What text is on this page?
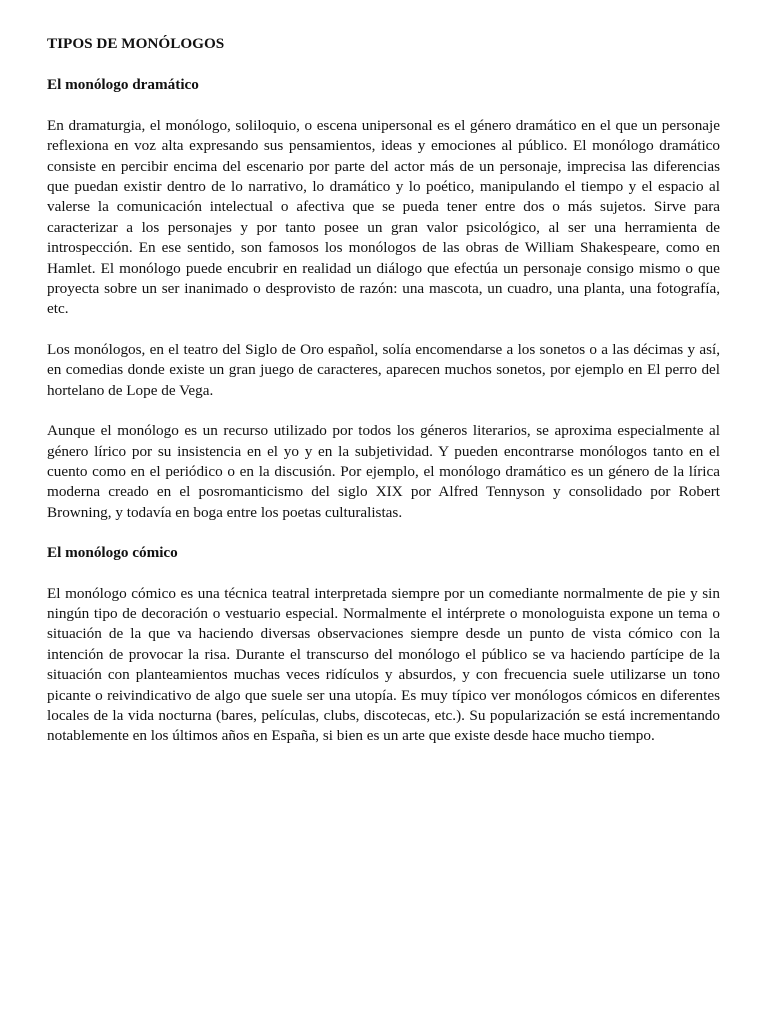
TIPOS DE MONÓLOGOS
El monólogo dramático

En dramaturgia, el monólogo, soliloquio, o escena unipersonal es el género dramático en el que un personaje reflexiona en voz alta expresando sus pensamientos, ideas y emociones al público. El monólogo dramático consiste en percibir encima del escenario por parte del actor más de un personaje, imprecisa las diferencias que puedan existir dentro de lo narrativo, lo dramático y lo poético, manipulando el tiempo y el espacio al valerse la comunicación intelectual o afectiva que se pueda tener entre dos o más sujetos. Sirve para caracterizar a los personajes y por tanto posee un gran valor psicológico, al ser una herramienta de introspección. En ese sentido, son famosos los monólogos de las obras de William Shakespeare, como en Hamlet. El monólogo puede encubrir en realidad un diálogo que efectúa un personaje consigo mismo o que proyecta sobre un ser inanimado o desprovisto de razón: una mascota, un cuadro, una planta, una fotografía, etc.

Los monólogos, en el teatro del Siglo de Oro español, solía encomendarse a los sonetos o a las décimas y así, en comedias donde existe un gran juego de caracteres, aparecen muchos sonetos, por ejemplo en El perro del hortelano de Lope de Vega.

Aunque el monólogo es un recurso utilizado por todos los géneros literarios, se aproxima especialmente al género lírico por su insistencia en el yo y en la subjetividad. Y pueden encontrarse monólogos tanto en el cuento como en el periódico o en la discusión. Por ejemplo, el monólogo dramático es un género de la lírica moderna creado en el posromanticismo del siglo XIX por Alfred Tennyson y consolidado por Robert Browning, y todavía en boga entre los poetas culturalistas.

El monólogo cómico

El monólogo cómico es una técnica teatral interpretada siempre por un comediante normalmente de pie y sin ningún tipo de decoración o vestuario especial. Normalmente el intérprete o monologuista expone un tema o situación de la que va haciendo diversas observaciones siempre desde un punto de vista cómico con la intención de provocar la risa. Durante el transcurso del monólogo el público se va haciendo partícipe de la situación con planteamientos muchas veces ridículos y absurdos, y con frecuencia suele utilizarse un tono picante o reivindicativo de algo que suele ser una utopía. Es muy típico ver monólogos cómicos en diferentes locales de la vida nocturna (bares, películas, clubs, discotecas, etc.). Su popularización se está incrementando notablemente en los últimos años en España, si bien es un arte que existe desde hace mucho tiempo.
